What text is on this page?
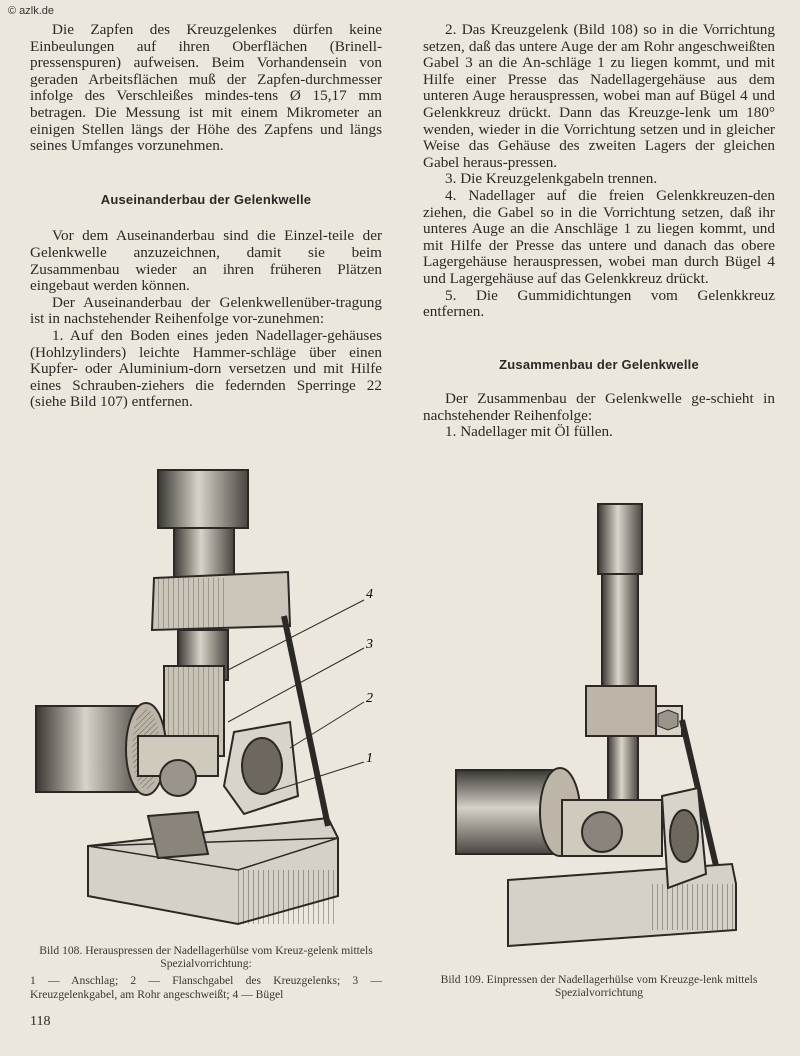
© azlk.de

Die Zapfen des Kreuzgelenkes dürfen keine Einbeulungen auf ihren Oberflächen (Brinell-pressenspuren) aufweisen. Beim Vorhandensein von geraden Arbeitsflächen muß der Zapfen-durchmesser infolge des Verschleißes mindes-tens Ø 15,17 mm betragen. Die Messung ist mit einem Mikrometer an einigen Stellen längs der Höhe des Zapfens und längs seines Umfanges vorzunehmen.

Auseinanderbau der Gelenkwelle

Vor dem Auseinanderbau sind die Einzel-teile der Gelenkwelle anzuzeichnen, damit sie beim Zusammenbau wieder an ihren früheren Plätzen eingebaut werden können.

Der Auseinanderbau der Gelenkwellenüber-tragung ist in nachstehender Reihenfolge vor-zunehmen:

1. Auf den Boden eines jeden Nadellager-gehäuses (Hohlzylinders) leichte Hammer-schläge über einen Kupfer- oder Aluminium-dorn versetzen und mit Hilfe eines Schrauben-ziehers die federnden Sperringe 22 (siehe Bild 107) entfernen.

2. Das Kreuzgelenk (Bild 108) so in die Vorrichtung setzen, daß das untere Auge der am Rohr angeschweißten Gabel 3 an die An-schläge 1 zu liegen kommt, und mit Hilfe einer Presse das Nadellagergehäuse aus dem unteren Auge herauspressen, wobei man auf Bügel 4 und Gelenkkreuz drückt. Dann das Kreuzge-lenk um 180° wenden, wieder in die Vorrichtung setzen und in gleicher Weise das Gehäuse des zweiten Lagers der gleichen Gabel heraus-pressen.

3. Die Kreuzgelenkgabeln trennen.

4. Nadellager auf die freien Gelenkkreuzen-den ziehen, die Gabel so in die Vorrichtung setzen, daß ihr unteres Auge an die Anschläge 1 zu liegen kommt, und mit Hilfe der Presse das untere und danach das obere Lagergehäuse herauspressen, wobei man durch Bügel 4 und Lagergehäuse auf das Gelenkkreuz drückt.

5. Die Gummidichtungen vom Gelenkkreuz entfernen.

Zusammenbau der Gelenkwelle

Der Zusammenbau der Gelenkwelle ge-schieht in nachstehender Reihenfolge:

1. Nadellager mit Öl füllen.

4
3
2
1

Bild 108. Herauspressen der Nadellagerhülse vom Kreuz-gelenk mittels Spezialvorrichtung:

1 — Anschlag; 2 — Flanschgabel des Kreuzgelenks; 3 — Kreuzgelenkgabel, am Rohr angeschweißt; 4 — Bügel

Bild 109. Einpressen der Nadellagerhülse vom Kreuzge-lenk mittels Spezialvorrichtung
118
